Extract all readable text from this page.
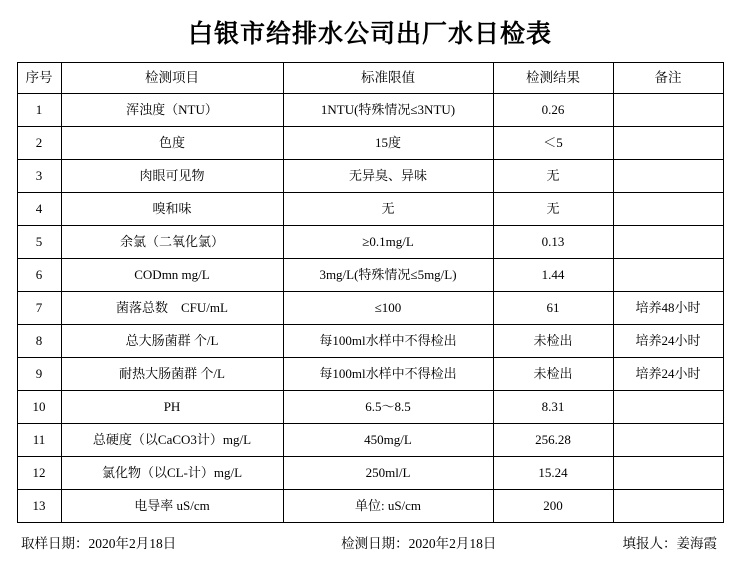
白银市给排水公司出厂水日检表
序号	检测项目	标准限值	检测结果	备注
1	浑浊度（NTU）	1NTU(特殊情况≤3NTU)	0.26	
2	色度	15度	＜5	
3	肉眼可见物	无异臭、异味	无	
4	嗅和味	无	无	
5	余氯（二氧化氯）	≥0.1mg/L	0.13	
6	CODmn mg/L	3mg/L(特殊情况≤5mg/L)	1.44	
7	菌落总数　CFU/mL	≤100	61	培养48小时
8	总大肠菌群 个/L	每100ml水样中不得检出	未检出	培养24小时
9	耐热大肠菌群 个/L	每100ml水样中不得检出	未检出	培养24小时
10	PH	6.5～8.5	8.31	
11	总硬度（以CaCO3计）mg/L	450mg/L	256.28	
12	氯化物（以CL-计）mg/L	250ml/L	15.24	
13	电导率 uS/cm	单位: uS/cm	200	
取样日期：2020年2月18日	检测日期：2020年2月18日	填报人：姜海霞
